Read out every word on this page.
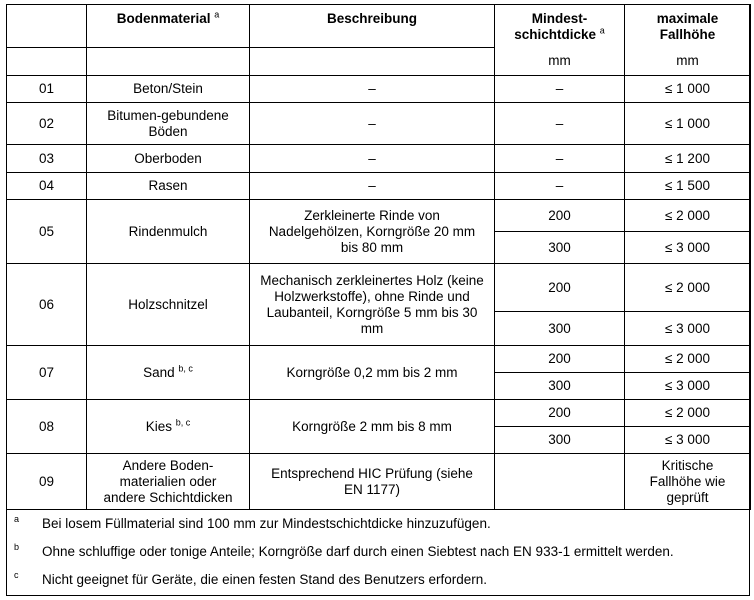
	Bodenmaterial $^a$	Beschreibung	Mindest-schichtdicke $^a$	maximale Fallhöhe
			mm	mm
01	Beton/Stein	–	–	≤ 1 000
02	Bitumen-gebundene Böden	–	–	≤ 1 000
03	Oberboden	–	–	≤ 1 200
04	Rasen	–	–	≤ 1 500
05	Rindenmulch	Zerkleinerte Rinde von Nadelgehölzen, Korngröße 20 mm bis 80 mm	200	≤ 2 000
			300	≤ 3 000
06	Holzschnitzel	Mechanisch zerkleinertes Holz (keine Holzwerkstoffe), ohne Rinde und Laubanteil, Korngröße 5 mm bis 30 mm	200	≤ 2 000
			300	≤ 3 000
07	Sand $^{b, c}$	Korngröße 0,2 mm bis 2 mm	200	≤ 2 000
			300	≤ 3 000
08	Kies $^{b, c}$	Korngröße 2 mm bis 8 mm	200	≤ 2 000
			300	≤ 3 000
09	Andere Boden-materialien oder andere Schichtdicken	Entsprechend HIC Prüfung (siehe EN 1177)		Kritische Fallhöhe wie geprüft
a Bei losem Füllmaterial sind 100 mm zur Mindestschichtdicke hinzuzufügen.
b Ohne schluffige oder tonige Anteile; Korngröße darf durch einen Siebtest nach EN 933-1 ermittelt werden.
c Nicht geeignet für Geräte, die einen festen Stand des Benutzers erfordern.
